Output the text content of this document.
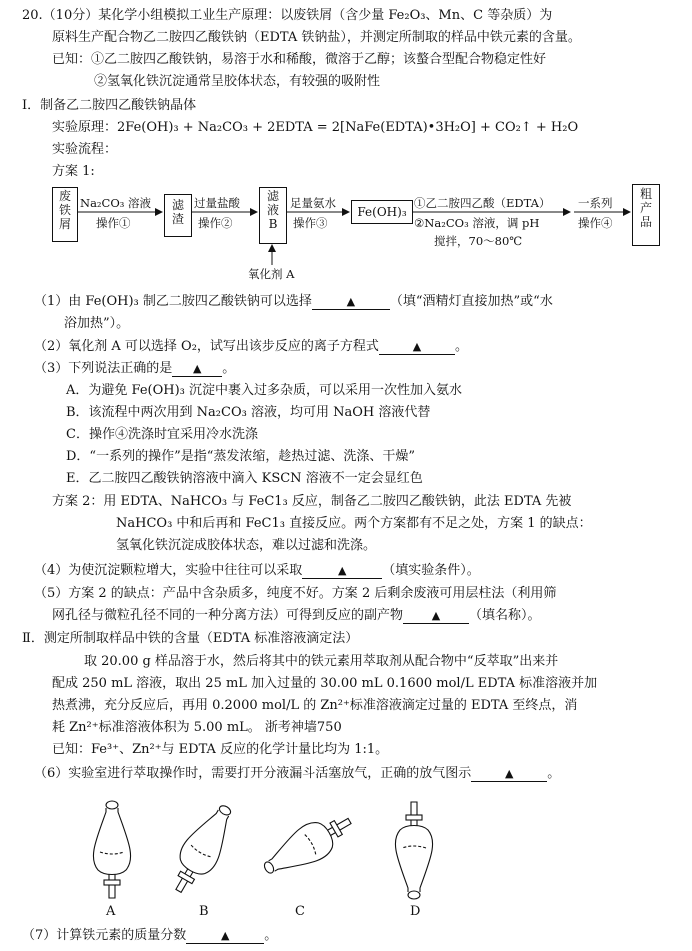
20.（10分）某化学小组模拟工业生产原理：以废铁屑（含少量 Fe₂O₃、Mn、C 等杂质）为
原料生产配合物乙二胺四乙酸铁钠（EDTA 铁钠盐），并测定所制取的样品中铁元素的含量。
已知：①乙二胺四乙酸铁钠，易溶于水和稀酸，微溶于乙醇；该螯合型配合物稳定性好
②氢氧化铁沉淀通常呈胶体状态，有较强的吸附性
Ⅰ．制备乙二胺四乙酸铁钠晶体
实验原理：2Fe(OH)₃ + Na₂CO₃ + 2EDTA = 2[NaFe(EDTA)•3H₂O] + CO₂↑ + H₂O
实验流程：
方案 1:
废
铁
屑
滤
渣
滤
液
B
Fe(OH)₃
粗
产
品
Na₂CO₃ 溶液
操作①
过量盐酸
操作②
足量氨水
操作③
①乙二胺四乙酸（EDTA）
②Na₂CO₃ 溶液，调 pH
搅拌，70～80℃
一系列
操作④
氧化剂 A
（1）由 Fe(OH)₃ 制乙二胺四乙酸铁钠可以选择	▲	（填“酒精灯直接加热”或“水
浴加热”）。
（2）氧化剂 A 可以选择 O₂，试写出该步反应的离子方程式	▲	。
（3）下列说法正确的是 ▲ 。
A．为避免 Fe(OH)₃ 沉淀中裹入过多杂质，可以采用一次性加入氨水
B．该流程中两次用到 Na₂CO₃ 溶液，均可用 NaOH 溶液代替
C．操作④洗涤时宜采用冷水洗涤
D．“一系列的操作”是指“蒸发浓缩，趁热过滤、洗涤、干燥”
E．乙二胺四乙酸铁钠溶液中滴入 KSCN 溶液不一定会显红色
方案 2：用 EDTA、NaHCO₃ 与 FeC1₃ 反应，制备乙二胺四乙酸铁钠，此法 EDTA 先被
NaHCO₃ 中和后再和 FeC1₃ 直接反应。两个方案都有不足之处，方案 1 的缺点：
氢氧化铁沉淀成胶体状态，难以过滤和洗涤。
（4）为使沉淀颗粒增大，实验中往往可以采取	▲	（填实验条件）。
（5）方案 2 的缺点：产品中含杂质多，纯度不好。方案 2 后剩余废液可用层柱法（利用筛
网孔径与微粒孔径不同的一种分离方法）可得到反应的副产物	▲ （填名称）。
Ⅱ．测定所制取样品中铁的含量（EDTA 标准溶液滴定法）
取 20.00 g 样品溶于水，然后将其中的铁元素用萃取剂从配合物中“反萃取”出来并
配成 250 mL 溶液，取出 25 mL 加入过量的 30.00 mL 0.1600 mol/L EDTA 标准溶液并加
热煮沸，充分反应后，再用 0.2000 mol/L 的 Zn²⁺标准溶液滴定过量的 EDTA 至终点，消
耗 Zn²⁺标准溶液体积为 5.00 mL。 浙考神墙750
已知：Fe³⁺、Zn²⁺与 EDTA 反应的化学计量比均为 1:1。
（6）实验室进行萃取操作时，需要打开分液漏斗活塞放气，正确的放气图示	▲	。
A	B	C	D
（7）计算铁元素的质量分数	▲	。
